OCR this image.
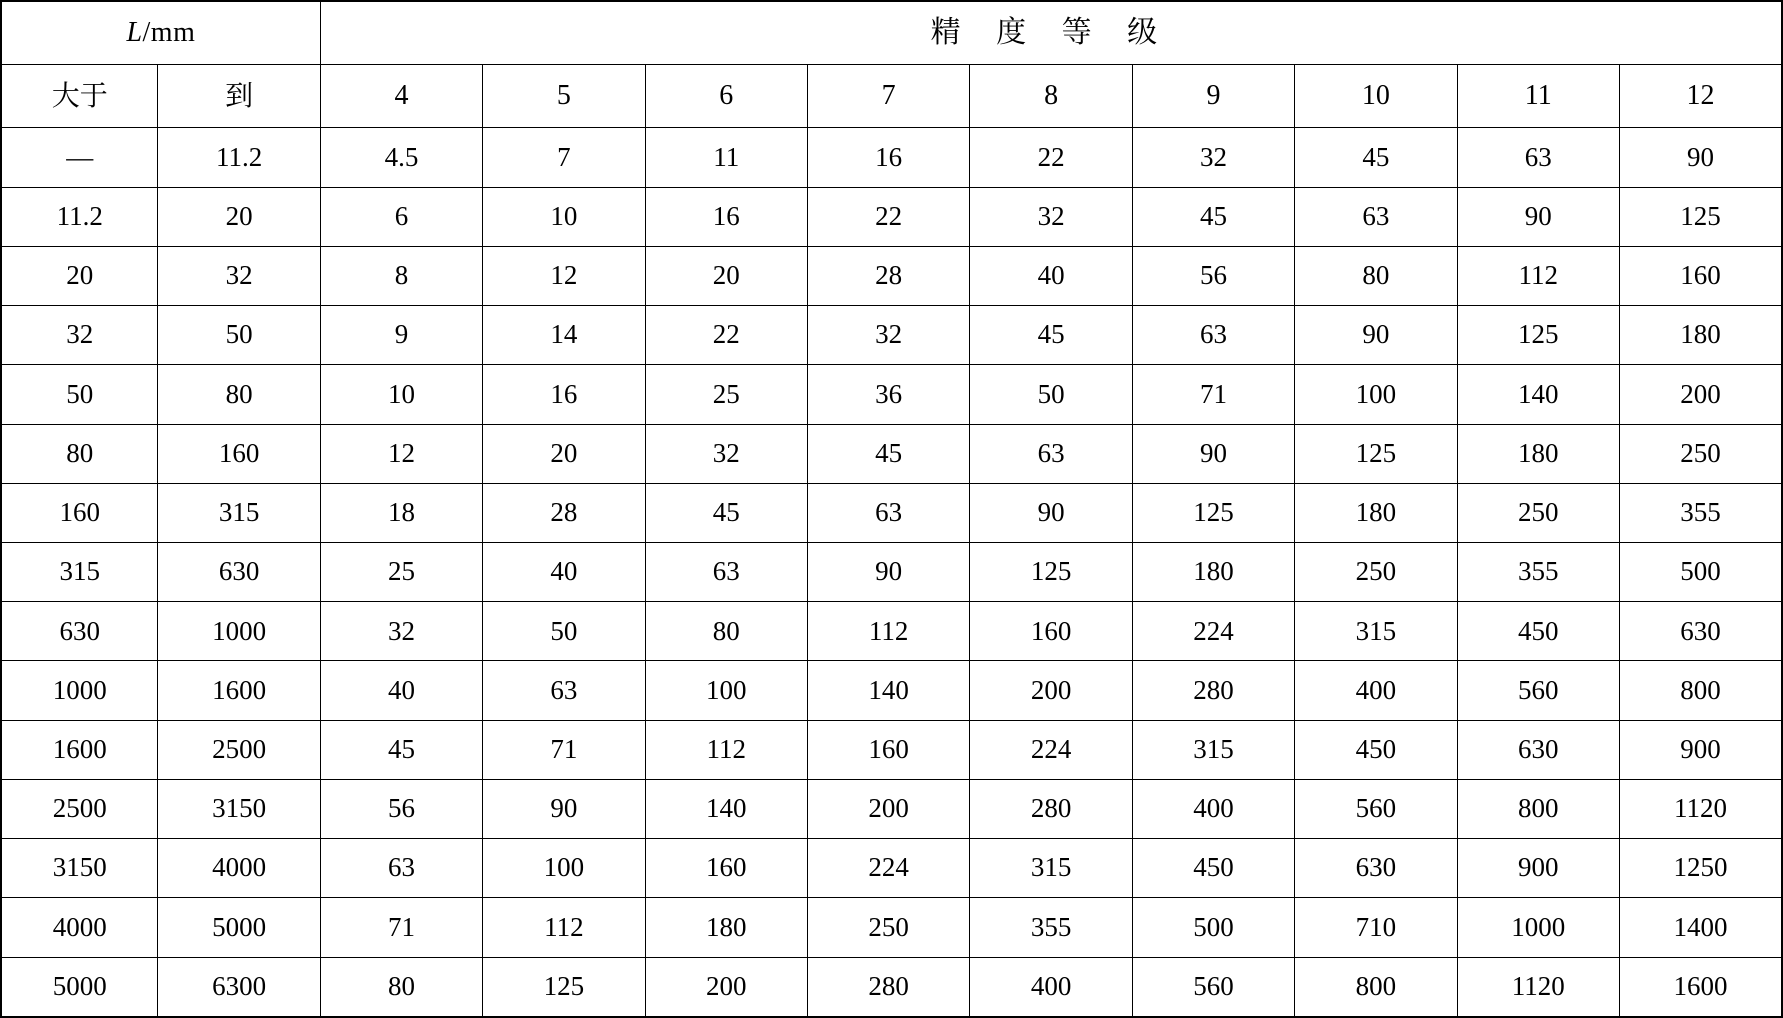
L/mm		精 度 等 级								
大于	到	4	5	6	7	8	9	10	11	12
—	11.2	4.5	7	11	16	22	32	45	63	90
11.2	20	6	10	16	22	32	45	63	90	125
20	32	8	12	20	28	40	56	80	112	160
32	50	9	14	22	32	45	63	90	125	180
50	80	10	16	25	36	50	71	100	140	200
80	160	12	20	32	45	63	90	125	180	250
160	315	18	28	45	63	90	125	180	250	355
315	630	25	40	63	90	125	180	250	355	500
630	1000	32	50	80	112	160	224	315	450	630
1000	1600	40	63	100	140	200	280	400	560	800
1600	2500	45	71	112	160	224	315	450	630	900
2500	3150	56	90	140	200	280	400	560	800	1120
3150	4000	63	100	160	224	315	450	630	900	1250
4000	5000	71	112	180	250	355	500	710	1000	1400
5000	6300	80	125	200	280	400	560	800	1120	1600
